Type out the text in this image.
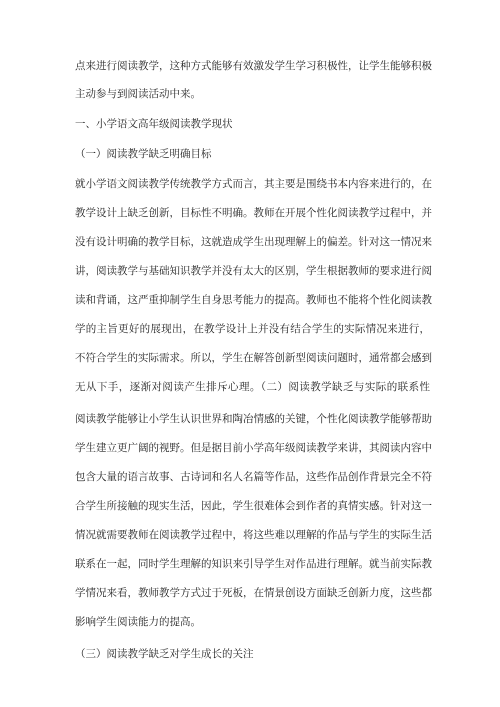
点来进行阅读教学，这种方式能够有效激发学生学习积极性，让学生能够积极
主动参与到阅读活动中来。
一、小学语文高年级阅读教学现状
（一）阅读教学缺乏明确目标
就小学语文阅读教学传统教学方式而言，其主要是围绕书本内容来进行的，在
教学设计上缺乏创新，目标性不明确。教师在开展个性化阅读教学过程中，并
没有设计明确的教学目标，这就造成学生出现理解上的偏差。针对这一情况来
讲，阅读教学与基础知识教学并没有太大的区别，学生根据教师的要求进行阅
读和背诵，这严重抑制学生自身思考能力的提高。教师也不能将个性化阅读教
学的主旨更好的展现出，在教学设计上并没有结合学生的实际情况来进行，
不符合学生的实际需求。所以，学生在解答创新型阅读问题时，通常都会感到
无从下手，逐渐对阅读产生排斥心理。（二）阅读教学缺乏与实际的联系性
阅读教学能够让小学生认识世界和陶冶情感的关键，个性化阅读教学能够帮助
学生建立更广阔的视野。但是据目前小学高年级阅读教学来讲，其阅读内容中
包含大量的语言故事、古诗词和名人名篇等作品，这些作品创作背景完全不符
合学生所接触的现实生活，因此，学生很难体会到作者的真情实感。针对这一
情况就需要教师在阅读教学过程中，将这些难以理解的作品与学生的实际生活
联系在一起，同时学生理解的知识来引导学生对作品进行理解。就当前实际教
学情况来看，教师教学方式过于死板，在情景创设方面缺乏创新力度，这些都
影响学生阅读能力的提高。
（三）阅读教学缺乏对学生成长的关注
